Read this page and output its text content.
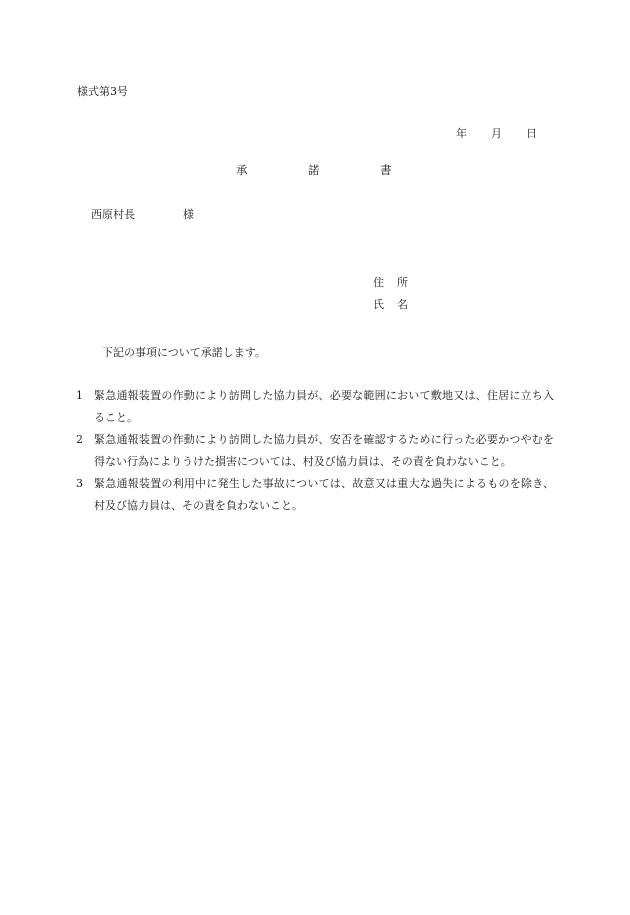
様式第3号
年 月 日
承	諾	書
西原村長	様
住 所
氏 名
下記の事項について承諾します。
1 緊急通報装置の作動により訪問した協力員が、必要な範囲において敷地又は、住居に立ち入ること。
2 緊急通報装置の作動により訪問した協力員が、安否を確認するために行った必要かつやむを得ない行為によりうけた損害については、村及び協力員は、その責を負わないこと。
3 緊急通報装置の利用中に発生した事故については、故意又は重大な過失によるものを除き、村及び協力員は、その責を負わないこと。
